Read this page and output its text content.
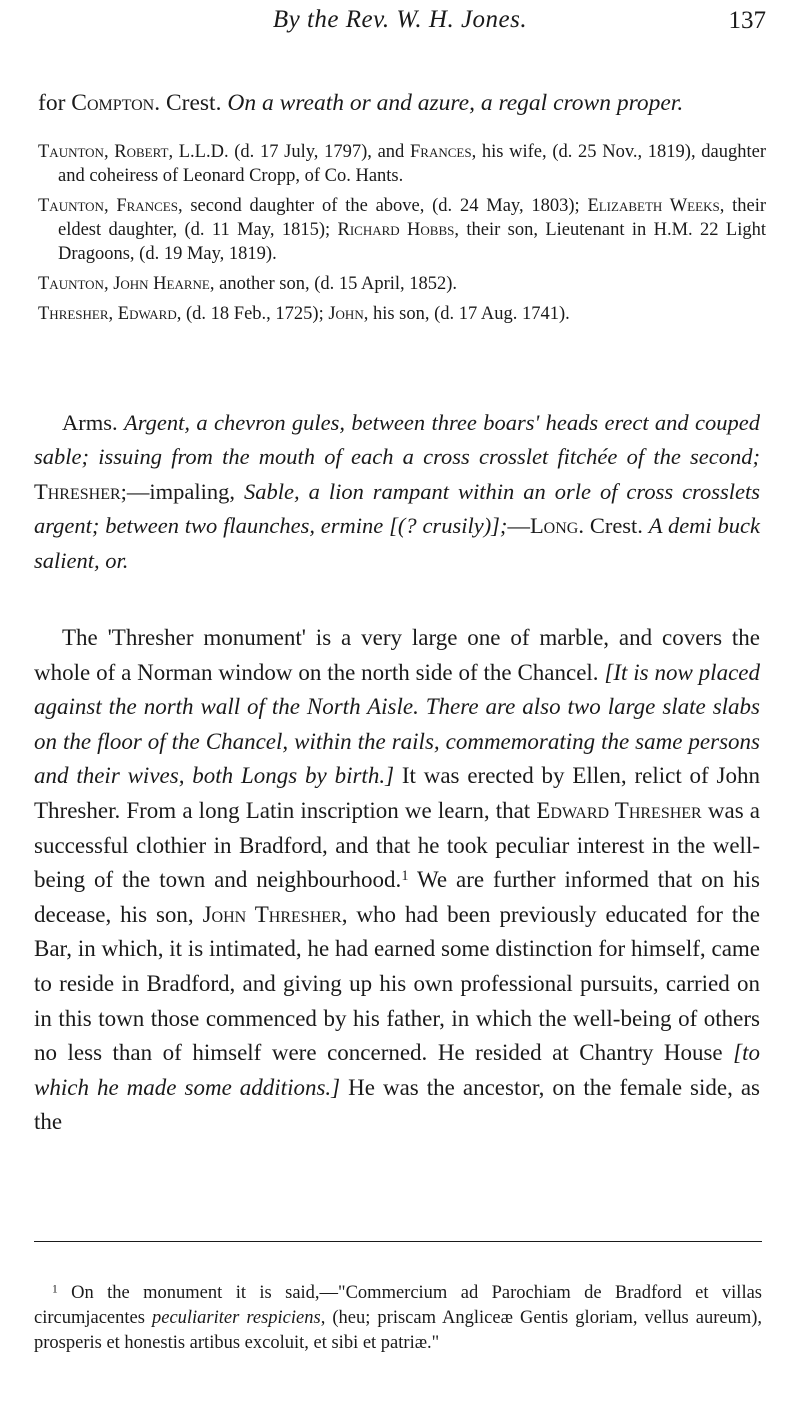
By the Rev. W. H. Jones.	137

for Compton. Crest. On a wreath or and azure, a regal crown proper.

Taunton, Robert, L.L.D. (d. 17 July, 1797), and Frances, his wife, (d. 25 Nov., 1819), daughter and coheiress of Leonard Cropp, of Co. Hants.
Taunton, Frances, second daughter of the above, (d. 24 May, 1803); Elizabeth Weeks, their eldest daughter, (d. 11 May, 1815); Richard Hobbs, their son, Lieutenant in H.M. 22 Light Dragoons, (d. 19 May, 1819).
Taunton, John Hearne, another son, (d. 15 April, 1852).
Thresher, Edward, (d. 18 Feb., 1725); John, his son, (d. 17 Aug. 1741).

Arms. Argent, a chevron gules, between three boars' heads erect and couped sable; issuing from the mouth of each a cross crosslet fitchée of the second; Thresher;—impaling, Sable, a lion rampant within an orle of cross crosslets argent; between two flaunches, ermine [(? crusily)];—Long. Crest. A demi buck salient, or.

The 'Thresher monument' is a very large one of marble, and covers the whole of a Norman window on the north side of the Chancel. [It is now placed against the north wall of the North Aisle. There are also two large slate slabs on the floor of the Chancel, within the rails, commemorating the same persons and their wives, both Longs by birth.] It was erected by Ellen, relict of John Thresher. From a long Latin inscription we learn, that Edward Thresher was a successful clothier in Bradford, and that he took peculiar interest in the well-being of the town and neighbourhood.$^1$ We are further informed that on his decease, his son, John Thresher, who had been previously educated for the Bar, in which, it is intimated, he had earned some distinction for himself, came to reside in Bradford, and giving up his own professional pursuits, carried on in this town those commenced by his father, in which the well-being of others no less than of himself were concerned. He resided at Chantry House [to which he made some additions.] He was the ancestor, on the female side, as the

$^1$ On the monument it is said,—"Commercium ad Parochiam de Bradford et villas circumjacentes peculiariter respiciens, (heu; priscam Angliceæ Gentis gloriam, vellus aureum), prosperis et honestis artibus excoluit, et sibi et patriæ."
